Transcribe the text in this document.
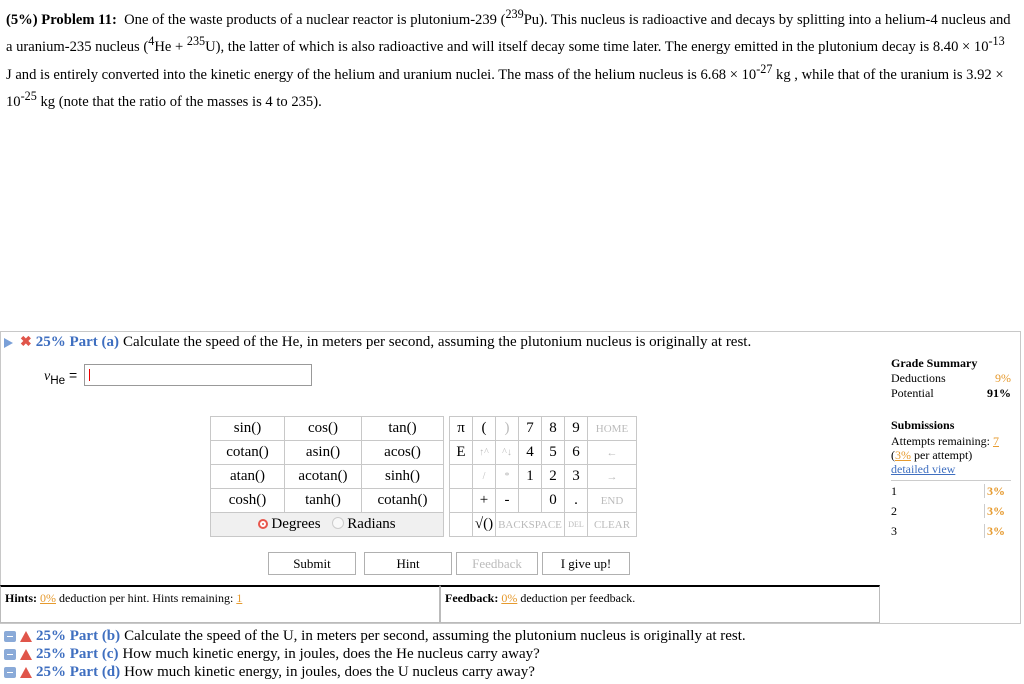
(5%) Problem 11: One of the waste products of a nuclear reactor is plutonium-239 ($^{239}$Pu). This nucleus is radioactive and decays by splitting into a helium-4 nucleus and a uranium-235 nucleus ($^4$He + $^{235}$U), the latter of which is also radioactive and will itself decay some time later. The energy emitted in the plutonium decay is $8.40 \times 10^{-13}$ J and is entirely converted into the kinetic energy of the helium and uranium nuclei. The mass of the helium nucleus is $6.68 \times 10^{-27}$ kg , while that of the uranium is $3.92 \times 10^{-25}$ kg (note that the ratio of the masses is 4 to 235).
✖ 25% Part (a) Calculate the speed of the He, in meters per second, assuming the plutonium nucleus is originally at rest.
$v_{He}$ =
sin()	cos()	tan()
cotan()	asin()	acos()
atan()	acotan()	sinh()
cosh()	tanh()	cotanh()
Degrees Radians		
π	(	)	7	8	9	HOME
E	↑^	^↓	4	5	6	←
	/	*	1	2	3	→
	+	-		0	.	END
	√()	BACKSPACE			DEL	CLEAR
Submit	Hint	Feedback	I give up!
Hints: 0% deduction per hint. Hints remaining: 1	Feedback: 0% deduction per feedback.
Grade Summary
Deductions	9%
Potential	91%
Submissions
Attempts remaining: 7
(3% per attempt)
detailed view
1	3%
2	3%
3	3%
25% Part (b) Calculate the speed of the U, in meters per second, assuming the plutonium nucleus is originally at rest.
25% Part (c) How much kinetic energy, in joules, does the He nucleus carry away?
25% Part (d) How much kinetic energy, in joules, does the U nucleus carry away?
